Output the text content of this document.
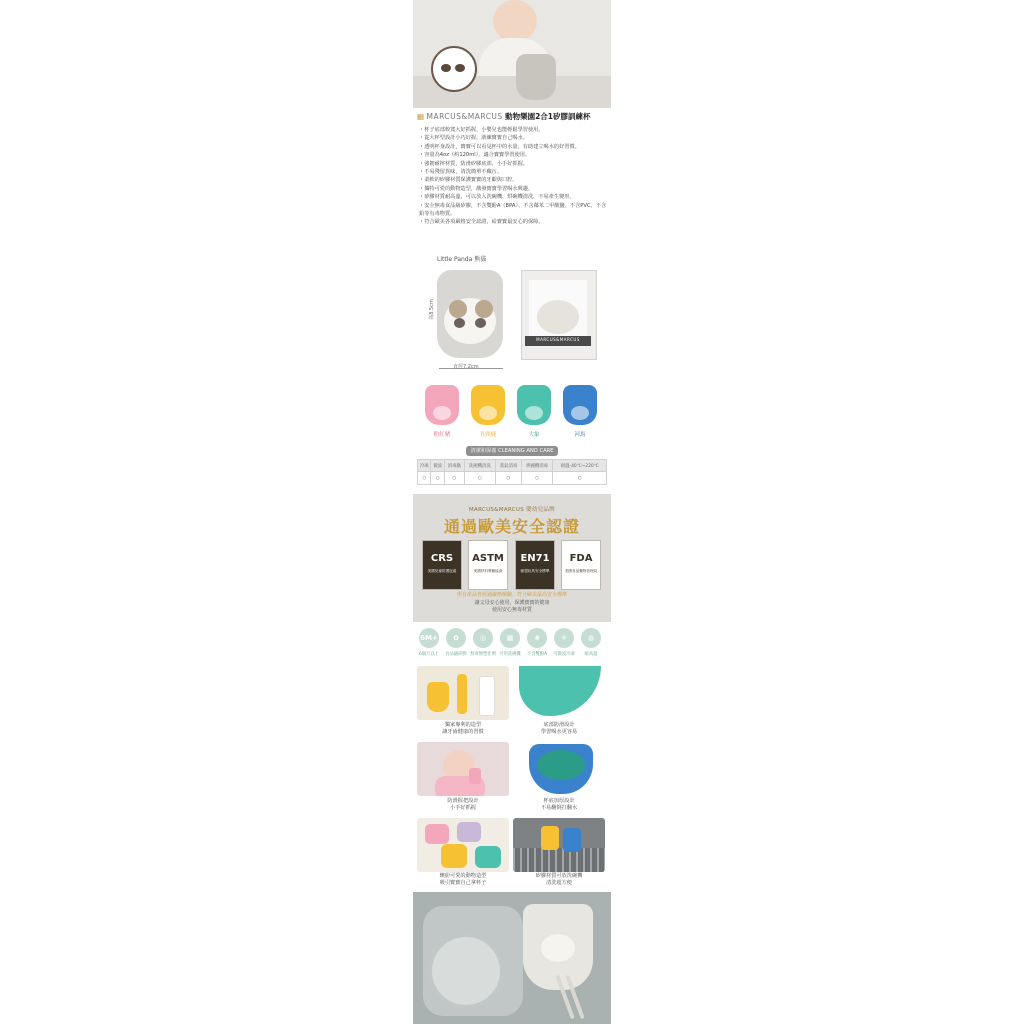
▦ MARCUS&MARCUS 動物樂園2合1矽膠訓練杯
・杯子底部較寬大好抓握，小嬰兒也能輕鬆學習使用。
・從大杯型設計小巧好握，訓練寶寶自己喝水。
・透明杯身設計，寶寶可以看見杯中的水量，有助建立喝水的好習慣。
・容量為4oz（約120ml），適合寶寶學習使用。
・強韌耐摔材質，防滑矽膠底部，小手好抓握。
・不易殘留異味，清洗簡單不藏污。
・柔軟的矽膠材質保護寶寶的牙齦與口腔。
・獨特可愛的動物造型，激發寶寶學習喝水興趣。
・矽膠材質耐高溫，可以放入洗碗機、烘碗機清洗，不易產生變形。
・安全無毒食品級矽膠，不含雙酚A（BPA）、不含鄰苯二甲酸鹽、不含PVC，不含鉛等有毒物質。
・符合歐美各項嚴格安全認證，給寶寶最安心的保障。
Little Panda 熊貓
高8.5cm
直徑7.2cm
MARCUS&MARCUS
粉紅豬	長頸鹿	大象	河馬
清潔和保養 CLEANING AND CARE
冷凍	微波	消毒鍋	洗碗機清洗	蒸氣消毒	烘碗機消毒	耐溫-40℃~220℃
○	○	○	○	○	○	○
MARCUS&MARCUS 嬰幼兒品牌
通過歐美安全認證
CRS
美國兒童防護包裝
ASTM
美國材料實驗協會
EN71
歐盟玩具安全標準
FDA
美國食品藥物管理局
所有產品皆經過嚴格檢驗，符合歐美最高安全標準
讓父母安心使用，保護寶寶的健康
使用安心無毒材質
6M+
6個月以上
✿
食品級矽膠
◎
無毒無塑化劑
▦
可用洗碗機
❀
不含雙酚A
✳
可微波冷凍
◍
耐高溫
獨家專利的造型
讓牙齒健康的習慣
底部防滑設計
學習喝水更容易
防滑握把設計
小手好抓握
杯底加厚設計
不易翻倒打翻水
繽紛可愛的動物造型
吸引寶寶自己拿杯子
矽膠材質可放洗碗機
清洗超方便
